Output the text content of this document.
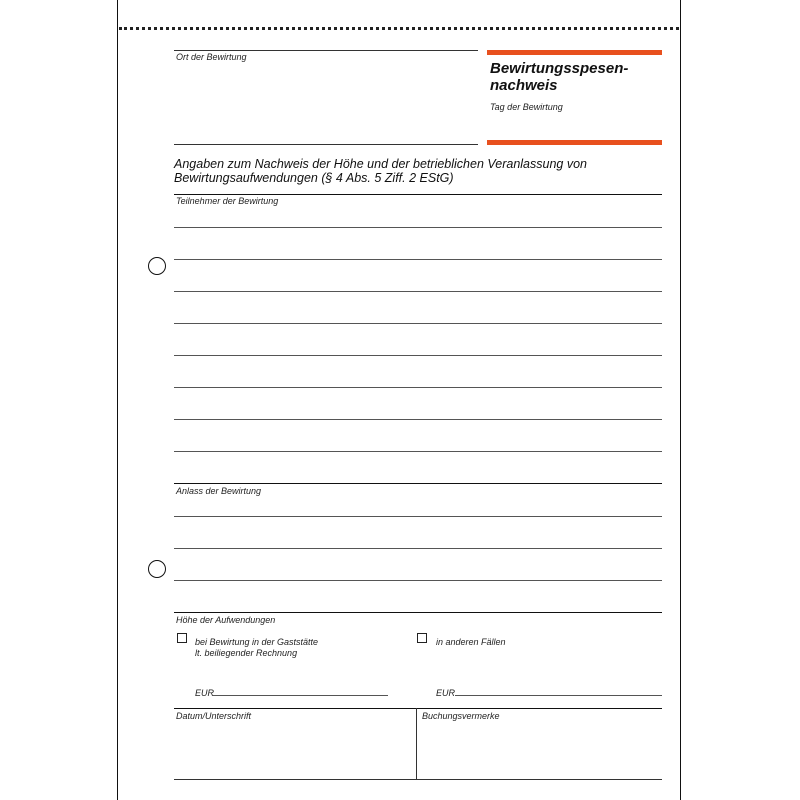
Ort der Bewirtung
Bewirtungsspesen-
nachweis
Tag der Bewirtung
Angaben zum Nachweis der Höhe und der betrieblichen Veranlassung von
Bewirtungsaufwendungen (§ 4 Abs. 5 Ziff. 2 EStG)
Teilnehmer der Bewirtung
Anlass der Bewirtung
Höhe der Aufwendungen
bei Bewirtung in der Gaststätte
lt. beiliegender Rechnung
in anderen Fällen
EUR	EUR
Datum/Unterschrift	Buchungsvermerke
